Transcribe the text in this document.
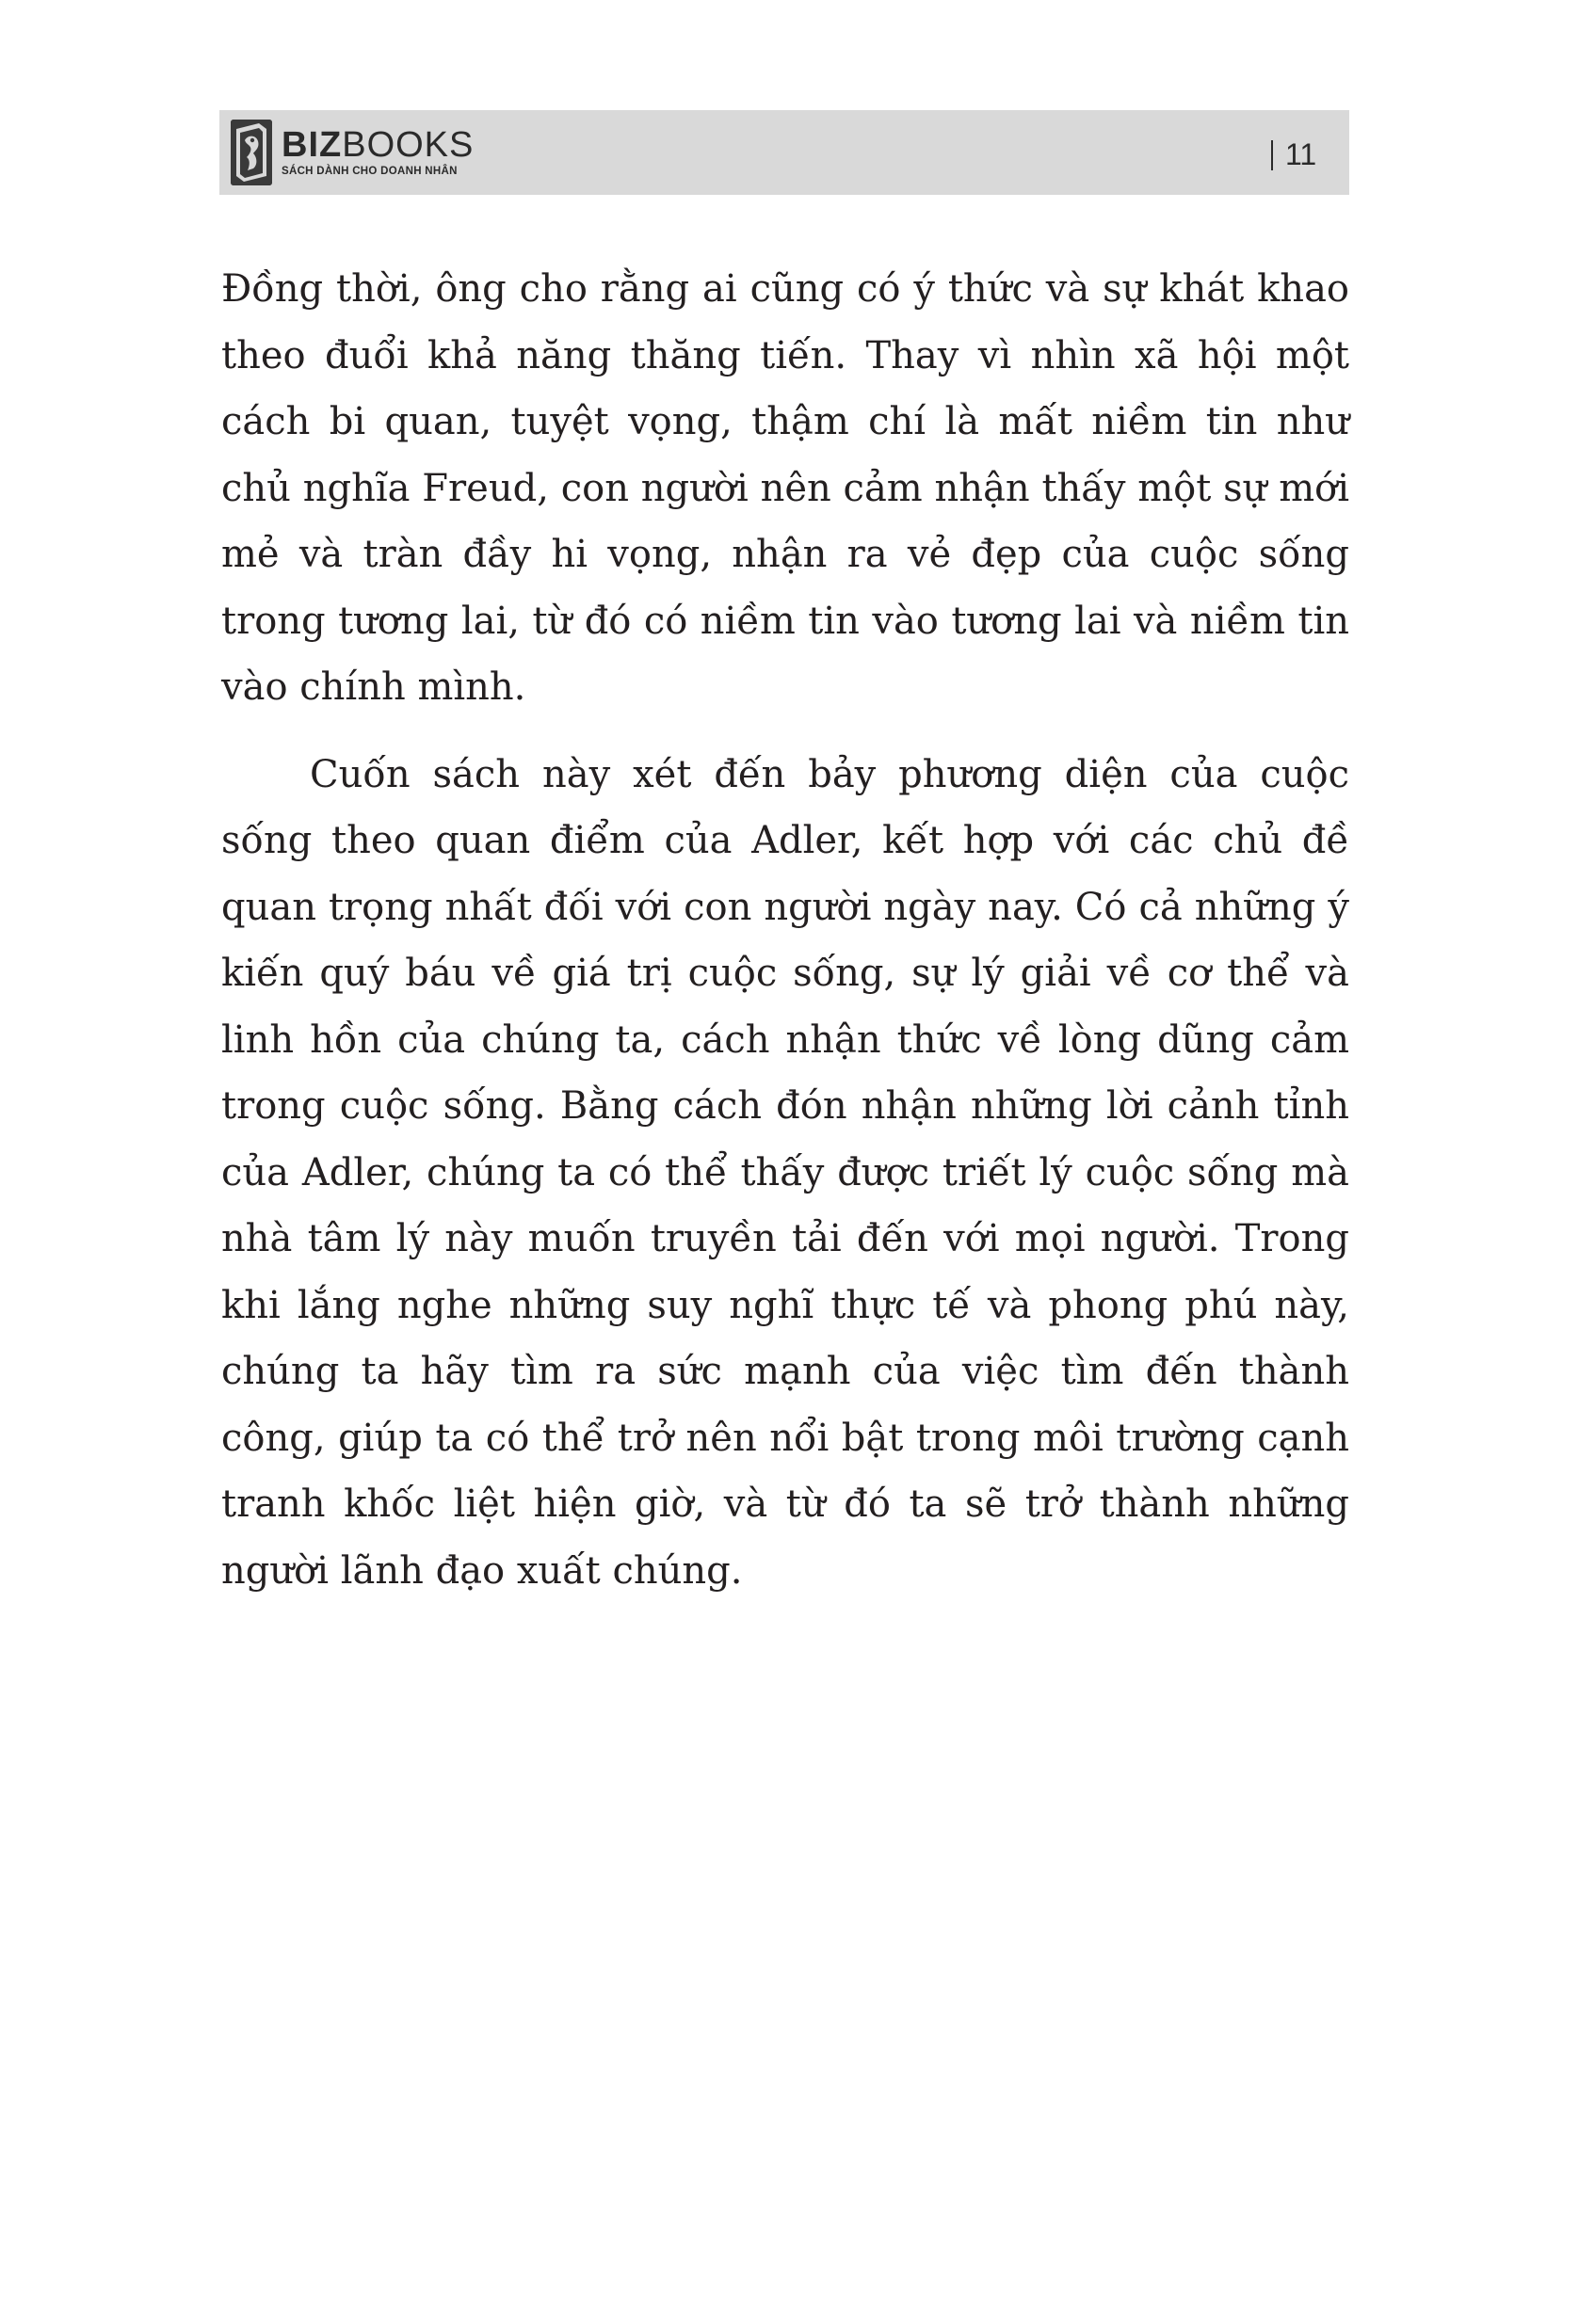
BIZBOOKS
SÁCH DÀNH CHO DOANH NHÂN	11

Đồng thời, ông cho rằng ai cũng có ý thức và sự khát khao theo đuổi khả năng thăng tiến. Thay vì nhìn xã hội một cách bi quan, tuyệt vọng, thậm chí là mất niềm tin như chủ nghĩa Freud, con người nên cảm nhận thấy một sự mới mẻ và tràn đầy hi vọng, nhận ra vẻ đẹp của cuộc sống trong tương lai, từ đó có niềm tin vào tương lai và niềm tin vào chính mình.

Cuốn sách này xét đến bảy phương diện của cuộc sống theo quan điểm của Adler, kết hợp với các chủ đề quan trọng nhất đối với con người ngày nay. Có cả những ý kiến quý báu về giá trị cuộc sống, sự lý giải về cơ thể và linh hồn của chúng ta, cách nhận thức về lòng dũng cảm trong cuộc sống. Bằng cách đón nhận những lời cảnh tỉnh của Adler, chúng ta có thể thấy được triết lý cuộc sống mà nhà tâm lý này muốn truyền tải đến với mọi người. Trong khi lắng nghe những suy nghĩ thực tế và phong phú này, chúng ta hãy tìm ra sức mạnh của việc tìm đến thành công, giúp ta có thể trở nên nổi bật trong môi trường cạnh tranh khốc liệt hiện giờ, và từ đó ta sẽ trở thành những người lãnh đạo xuất chúng.
